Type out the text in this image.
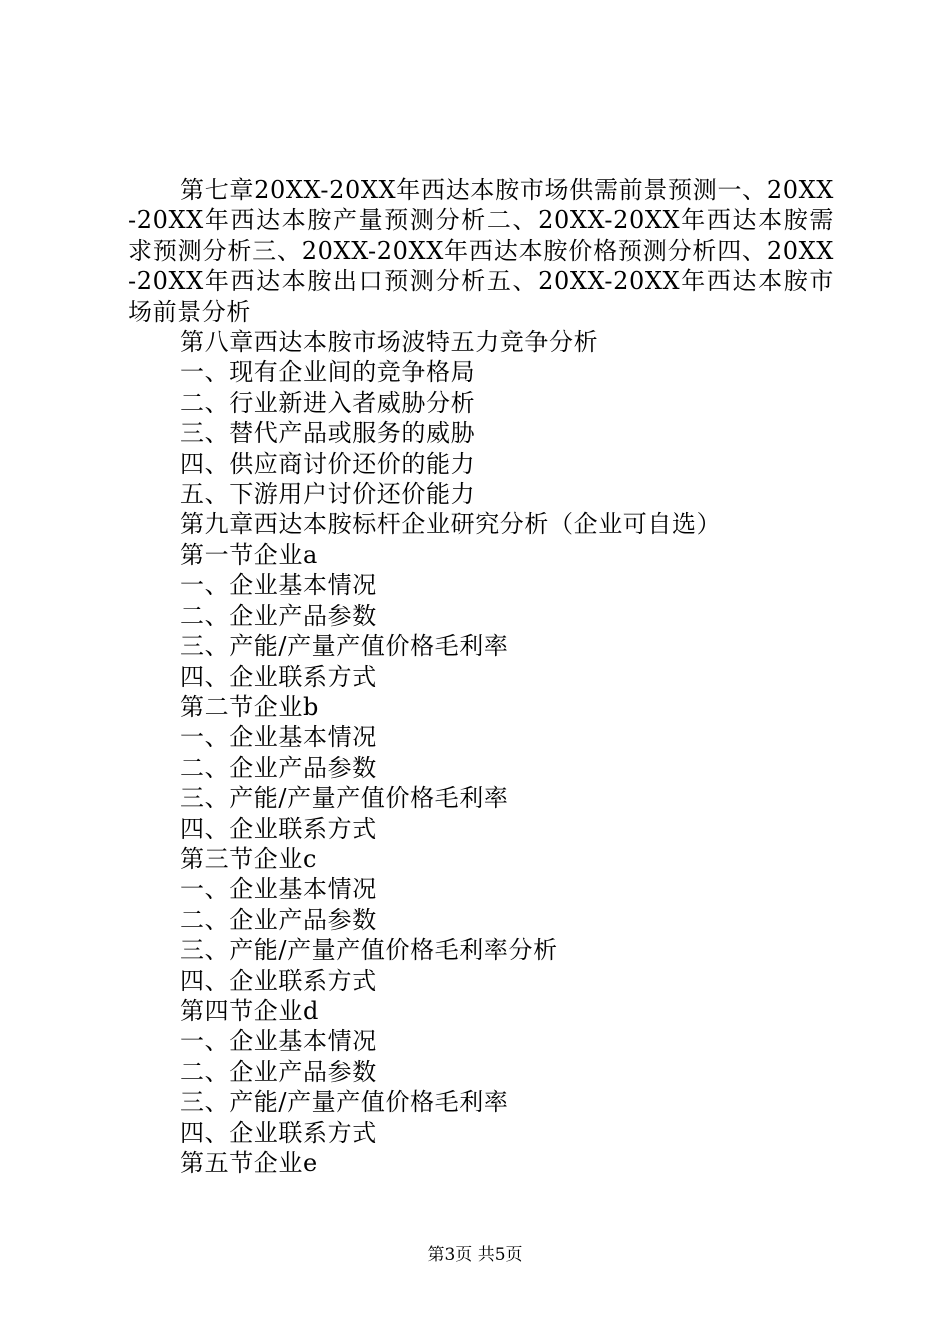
第七章20XX-20XX年西达本胺市场供需前景预测一、20XX-20XX年西达本胺产量预测分析二、20XX-20XX年西达本胺需求预测分析三、20XX-20XX年西达本胺价格预测分析四、20XX-20XX年西达本胺出口预测分析五、20XX-20XX年西达本胺市场前景分析

第八章西达本胺市场波特五力竞争分析

一、现有企业间的竞争格局

二、行业新进入者威胁分析

三、替代产品或服务的威胁

四、供应商讨价还价的能力

五、下游用户讨价还价能力

第九章西达本胺标杆企业研究分析（企业可自选）

第一节企业a

一、企业基本情况

二、企业产品参数

三、产能/产量产值价格毛利率

四、企业联系方式

第二节企业b

一、企业基本情况

二、企业产品参数

三、产能/产量产值价格毛利率

四、企业联系方式

第三节企业c

一、企业基本情况

二、企业产品参数

三、产能/产量产值价格毛利率分析

四、企业联系方式

第四节企业d

一、企业基本情况

二、企业产品参数

三、产能/产量产值价格毛利率

四、企业联系方式

第五节企业e

第3页 共5页
